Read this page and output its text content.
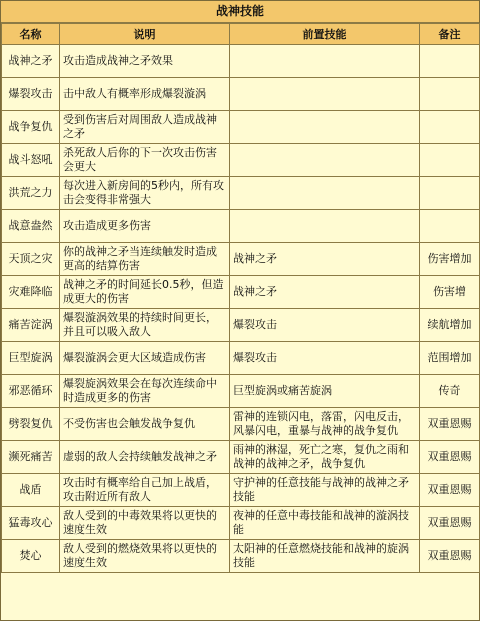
战神技能
名称	说明	前置技能	备注
战神之矛	攻击造成战神之矛效果		
爆裂攻击	击中敌人有概率形成爆裂漩涡		
战争复仇	受到伤害后对周围敌人造成战神之矛		
战斗怒吼	杀死敌人后你的下一次攻击伤害会更大		
洪荒之力	每次进入新房间的5秒内，所有攻击会变得非常强大		
战意盎然	攻击造成更多伤害		
天顶之灾	你的战神之矛当连续触发时造成更高的结算伤害	战神之矛	伤害增加
灾难降临	战神之矛的时间延长0.5秒，但造成更大的伤害	战神之矛	伤害增
痛苦淀涡	爆裂漩涡效果的持续时间更长，并且可以吸入敌人	爆裂攻击	续航增加
巨型旋涡	爆裂漩涡会更大区域造成伤害	爆裂攻击	范围增加
邪恶循环	爆裂旋涡效果会在每次连续命中时造成更多的伤害	巨型旋涡或痛苦旋涡	传奇
劈裂复仇	不受伤害也会触发战争复仇	雷神的连锁闪电，落雷，闪电反击，风暴闪电，重暴与战神的战争复仇	双重恩赐
濒死痛苦	虚弱的敌人会持续触发战神之矛	雨神的淋湿，死亡之寒，复仇之雨和战神的战神之矛，战争复仇	双重恩赐
战盾	攻击时有概率给自己加上战盾，攻击附近所有敌人	守护神的任意技能与战神的战神之矛技能	双重恩赐
猛毒攻心	敌人受到的中毒效果将以更快的速度生效	夜神的任意中毒技能和战神的漩涡技能	双重恩赐
焚心	敌人受到的燃烧效果将以更快的速度生效	太阳神的任意燃烧技能和战神的旋涡技能	双重恩赐
